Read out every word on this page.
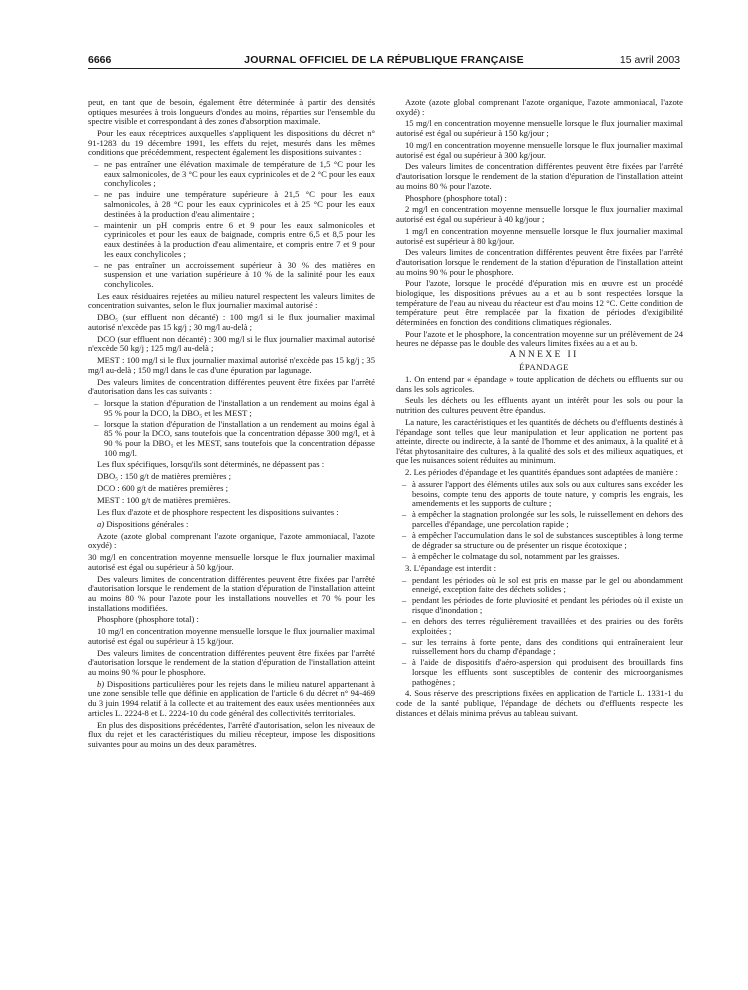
6666	JOURNAL OFFICIEL DE LA RÉPUBLIQUE FRANÇAISE	15 avril 2003

peut, en tant que de besoin, également être déterminée à partir des densités optiques mesurées à trois longueurs d'ondes au moins, réparties sur l'ensemble du spectre visible et correspondant à des zones d'absorption maximale.

Pour les eaux réceptrices auxquelles s'appliquent les dispositions du décret n° 91-1283 du 19 décembre 1991, les effets du rejet, mesurés dans les mêmes conditions que précédemment, respectent également les dispositions suivantes :

– ne pas entraîner une élévation maximale de température de 1,5 °C pour les eaux salmonicoles, de 3 °C pour les eaux cyprinicoles et de 2 °C pour les eaux conchylicoles ;
– ne pas induire une température supérieure à 21,5 °C pour les eaux salmonicoles, à 28 °C pour les eaux cyprinicoles et à 25 °C pour les eaux destinées à la production d'eau alimentaire ;
– maintenir un pH compris entre 6 et 9 pour les eaux salmonicoles et cyprinicoles et pour les eaux de baignade, compris entre 6,5 et 8,5 pour les eaux destinées à la production d'eau alimentaire, et compris entre 7 et 9 pour les eaux conchylicoles ;
– ne pas entraîner un accroissement supérieur à 30 % des matières en suspension et une variation supérieure à 10 % de la salinité pour les eaux conchylicoles.

Les eaux résiduaires rejetées au milieu naturel respectent les valeurs limites de concentration suivantes, selon le flux journalier maximal autorisé :

DBO₅ (sur effluent non décanté) : 100 mg/l si le flux journalier maximal autorisé n'excède pas 15 kg/j ; 30 mg/l au-delà ;

DCO (sur effluent non décanté) : 300 mg/l si le flux journalier maximal autorisé n'excède 50 kg/j ; 125 mg/l au-delà ;

MEST : 100 mg/l si le flux journalier maximal autorisé n'excède pas 15 kg/j ; 35 mg/l au-delà ; 150 mg/l dans le cas d'une épuration par lagunage.

Des valeurs limites de concentration différentes peuvent être fixées par l'arrêté d'autorisation dans les cas suivants :

– lorsque la station d'épuration de l'installation a un rendement au moins égal à 95 % pour la DCO, la DBO₅ et les MEST ;
– lorsque la station d'épuration de l'installation a un rendement au moins égal à 85 % pour la DCO, sans toutefois que la concentration dépasse 300 mg/l, et à 90 % pour la DBO₅ et les MEST, sans toutefois que la concentration dépasse 100 mg/l.

Les flux spécifiques, lorsqu'ils sont déterminés, ne dépassent pas :

DBO₅ : 150 g/t de matières premières ;

DCO : 600 g/t de matières premières ;

MEST : 100 g/t de matières premières.

Les flux d'azote et de phosphore respectent les dispositions suivantes :

a) Dispositions générales :

Azote (azote global comprenant l'azote organique, l'azote ammoniacal, l'azote oxydé) :

30 mg/l en concentration moyenne mensuelle lorsque le flux journalier maximal autorisé est égal ou supérieur à 50 kg/jour.

Des valeurs limites de concentration différentes peuvent être fixées par l'arrêté d'autorisation lorsque le rendement de la station d'épuration de l'installation atteint au moins 80 % pour l'azote pour les installations nouvelles et 70 % pour les installations modifiées.

Phosphore (phosphore total) :

10 mg/l en concentration moyenne mensuelle lorsque le flux journalier maximal autorisé est égal ou supérieur à 15 kg/jour.

Des valeurs limites de concentration différentes peuvent être fixées par l'arrêté d'autorisation lorsque le rendement de la station d'épuration de l'installation atteint au moins 90 % pour le phosphore.

b) Dispositions particulières pour les rejets dans le milieu naturel appartenant à une zone sensible telle que définie en application de l'article 6 du décret n° 94-469 du 3 juin 1994 relatif à la collecte et au traitement des eaux usées mentionnées aux articles L. 2224-8 et L. 2224-10 du code général des collectivités territoriales.

En plus des dispositions précédentes, l'arrêté d'autorisation, selon les niveaux de flux du rejet et les caractéristiques du milieu récepteur, impose les dispositions suivantes pour au moins un des deux paramètres.

Azote (azote global comprenant l'azote organique, l'azote ammoniacal, l'azote oxydé) :

15 mg/l en concentration moyenne mensuelle lorsque le flux journalier maximal autorisé est égal ou supérieur à 150 kg/jour ;

10 mg/l en concentration moyenne mensuelle lorsque le flux journalier maximal autorisé est égal ou supérieur à 300 kg/jour.

Des valeurs limites de concentration différentes peuvent être fixées par l'arrêté d'autorisation lorsque le rendement de la station d'épuration de l'installation atteint au moins 80 % pour l'azote.

Phosphore (phosphore total) :

2 mg/l en concentration moyenne mensuelle lorsque le flux journalier maximal autorisé est égal ou supérieur à 40 kg/jour ;

1 mg/l en concentration moyenne mensuelle lorsque le flux journalier maximal autorisé est supérieur à 80 kg/jour.

Des valeurs limites de concentration différentes peuvent être fixées par l'arrêté d'autorisation lorsque le rendement de la station d'épuration de l'installation atteint au moins 90 % pour le phosphore.

Pour l'azote, lorsque le procédé d'épuration mis en œuvre est un procédé biologique, les dispositions prévues au a et au b sont respectées lorsque la température de l'eau au niveau du réacteur est d'au moins 12 °C. Cette condition de température peut être remplacée par la fixation de périodes d'exigibilité déterminées en fonction des conditions climatiques régionales.

Pour l'azote et le phosphore, la concentration moyenne sur un prélèvement de 24 heures ne dépasse pas le double des valeurs limites fixées au a et au b.

ANNEXE II

ÉPANDAGE

1. On entend par « épandage » toute application de déchets ou effluents sur ou dans les sols agricoles.

Seuls les déchets ou les effluents ayant un intérêt pour les sols ou pour la nutrition des cultures peuvent être épandus.

La nature, les caractéristiques et les quantités de déchets ou d'effluents destinés à l'épandage sont telles que leur manipulation et leur application ne portent pas atteinte, directe ou indirecte, à la santé de l'homme et des animaux, à la qualité et à l'état phytosanitaire des cultures, à la qualité des sols et des milieux aquatiques, et que les nuisances soient réduites au minimum.

2. Les périodes d'épandage et les quantités épandues sont adaptées de manière :

– à assurer l'apport des éléments utiles aux sols ou aux cultures sans excéder les besoins, compte tenu des apports de toute nature, y compris les engrais, les amendements et les supports de culture ;
– à empêcher la stagnation prolongée sur les sols, le ruissellement en dehors des parcelles d'épandage, une percolation rapide ;
– à empêcher l'accumulation dans le sol de substances susceptibles à long terme de dégrader sa structure ou de présenter un risque écotoxique ;
– à empêcher le colmatage du sol, notamment par les graisses.

3. L'épandage est interdit :

– pendant les périodes où le sol est pris en masse par le gel ou abondamment enneigé, exception faite des déchets solides ;
– pendant les périodes de forte pluviosité et pendant les périodes où il existe un risque d'inondation ;
– en dehors des terres régulièrement travaillées et des prairies ou des forêts exploitées ;
– sur les terrains à forte pente, dans des conditions qui entraîneraient leur ruissellement hors du champ d'épandage ;
– à l'aide de dispositifs d'aéro-aspersion qui produisent des brouillards fins lorsque les effluents sont susceptibles de contenir des microorganismes pathogènes ;

4. Sous réserve des prescriptions fixées en application de l'article L. 1331-1 du code de la santé publique, l'épandage de déchets ou d'effluents respecte les distances et délais minima prévus au tableau suivant.
